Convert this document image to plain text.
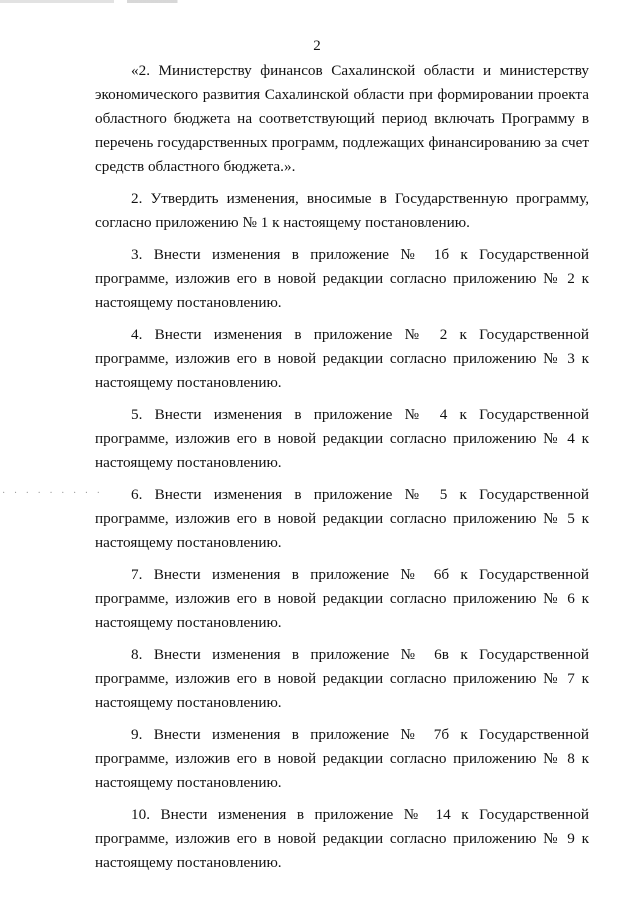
· · · · · · · · ·
2

«2. Министерству финансов Сахалинской области и министерству экономического развития Сахалинской области при формировании проекта областного бюджета на соответствующий период включать Программу в перечень государственных программ, подлежащих финансированию за счет средств областного бюджета.».

2. Утвердить изменения, вносимые в Государственную программу, согласно приложению № 1 к настоящему постановлению.

3. Внести изменения в приложение № 1б к Государственной программе, изложив его в новой редакции согласно приложению № 2 к настоящему постановлению.

4. Внести изменения в приложение № 2 к Государственной программе, изложив его в новой редакции согласно приложению № 3 к настоящему постановлению.

5. Внести изменения в приложение № 4 к Государственной программе, изложив его в новой редакции согласно приложению № 4 к настоящему постановлению.

6. Внести изменения в приложение № 5 к Государственной программе, изложив его в новой редакции согласно приложению № 5 к настоящему постановлению.

7. Внести изменения в приложение № 6б к Государственной программе, изложив его в новой редакции согласно приложению № 6 к настоящему постановлению.

8. Внести изменения в приложение № 6в к Государственной программе, изложив его в новой редакции согласно приложению № 7 к настоящему постановлению.

9. Внести изменения в приложение № 7б к Государственной программе, изложив его в новой редакции согласно приложению № 8 к настоящему постановлению.

10. Внести изменения в приложение № 14 к Государственной программе, изложив его в новой редакции согласно приложению № 9 к настоящему постановлению.
